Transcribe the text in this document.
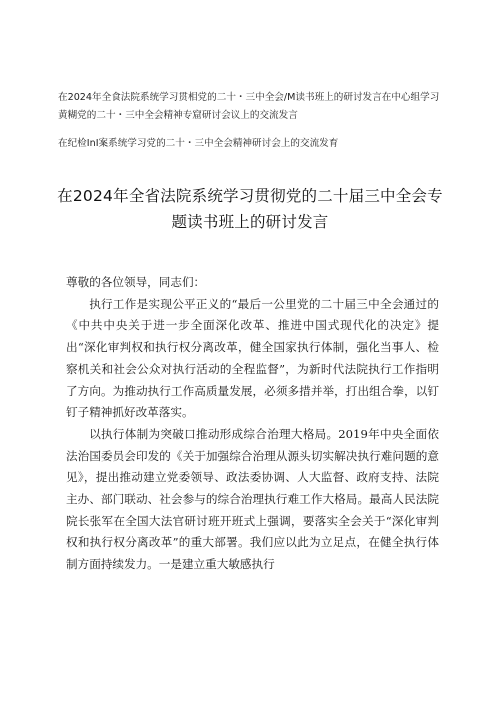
在2024年全食法院系统学习贯相党的二十・三中全会∕M读书班上的研讨发言在中心组学习黄糊党的二十・三中全会精神专窟研讨会议上的交流发言
在纪检InI案系统学习党的二十・三中全会精神研讨会上的交流发育
在2024年全省法院系统学习贯彻党的二十届三中全会专题读书班上的研讨发言

尊敬的各位领导，同志们：

执行工作是实现公平正义的“最后一公里党的二十届三中全会通过的《中共中央关于进一步全面深化改革、推进中国式现代化的决定》提出“深化审判权和执行权分离改革，健全国家执行体制，强化当事人、检察机关和社会公众对执行活动的全程监督”，为新时代法院执行工作指明了方向。为推动执行工作高质量发展，必须多措并举，打出组合拳，以钉钉子精神抓好改革落实。

以执行体制为突破口推动形成综合治理大格局。2019年中央全面依法治国委员会印发的《关于加强综合治理从源头切实解决执行难问题的意见》，提出推动建立党委领导、政法委协调、人大监督、政府支持、法院主办、部门联动、社会参与的综合治理执行难工作大格局。最高人民法院院长张军在全国大法官研讨班开班式上强调，要落实全会关于“深化审判权和执行权分离改革”的重大部署。我们应以此为立足点，在健全执行体制方面持续发力。一是建立重大敏感执行
